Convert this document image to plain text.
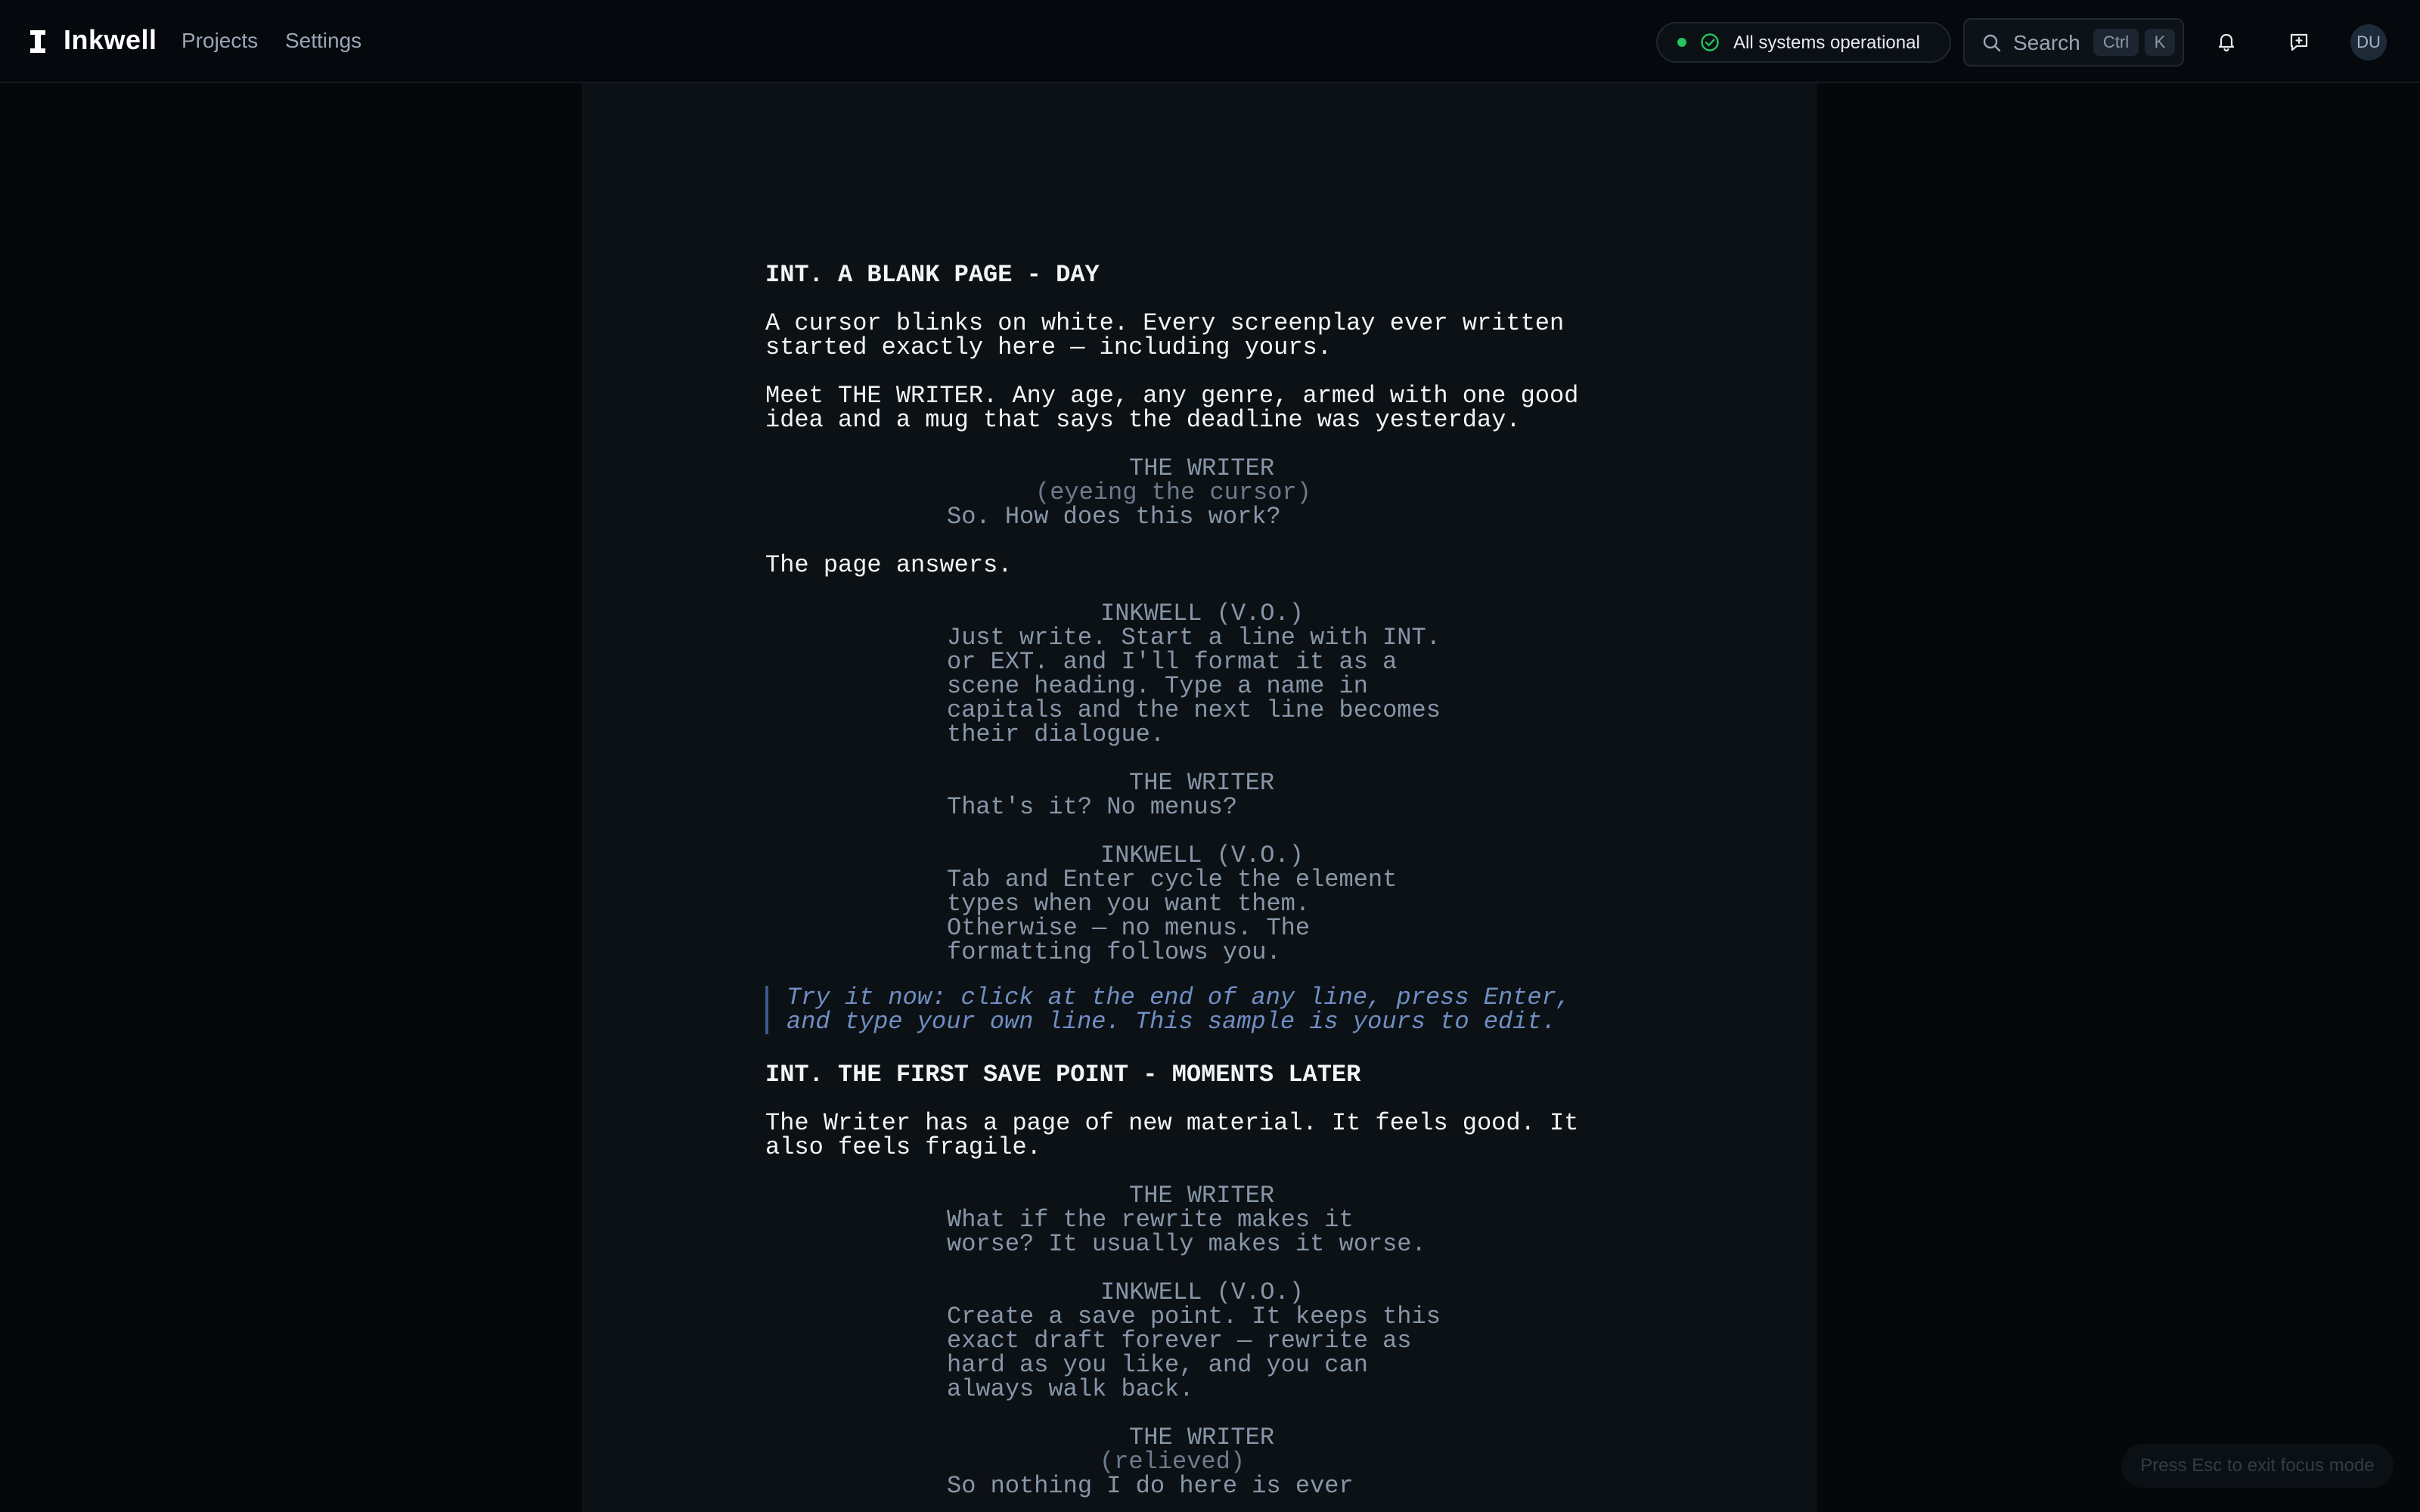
Inkwell Projects Settings	All systems operational	Search	Ctrl	K	DU
INT. A BLANK PAGE - DAY
A cursor blinks on white. Every screenplay ever written
started exactly here — including yours.
Meet THE WRITER. Any age, any genre, armed with one good
idea and a mug that says the deadline was yesterday.
THE WRITER
(eyeing the cursor)
So. How does this work?
The page answers.
INKWELL (V.O.)
Just write. Start a line with INT.
or EXT. and I'll format it as a
scene heading. Type a name in
capitals and the next line becomes
their dialogue.
THE WRITER
That's it? No menus?
INKWELL (V.O.)
Tab and Enter cycle the element
types when you want them.
Otherwise — no menus. The
formatting follows you.
Try it now: click at the end of any line, press Enter,
and type your own line. This sample is yours to edit.
INT. THE FIRST SAVE POINT - MOMENTS LATER
The Writer has a page of new material. It feels good. It
also feels fragile.
THE WRITER
What if the rewrite makes it
worse? It usually makes it worse.
INKWELL (V.O.)
Create a save point. It keeps this
exact draft forever — rewrite as
hard as you like, and you can
always walk back.
THE WRITER
(relieved)
So nothing I do here is ever
Press Esc to exit focus mode
